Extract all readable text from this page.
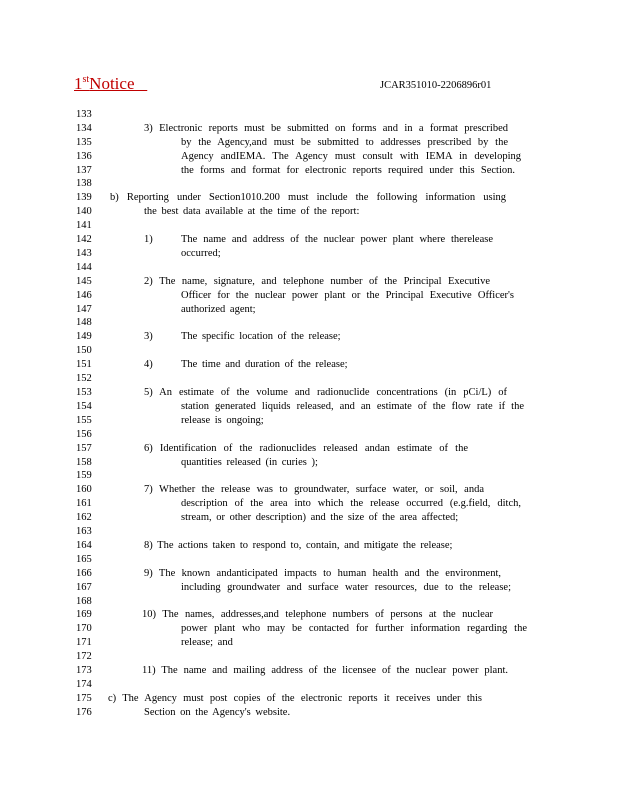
1stNotice	JCAR351010-2206896r01
133
134	3) Electronic reports must be submitted on forms and in a format prescribed
135	by the Agency,and must be submitted to addresses prescribed by the
136	Agency andIEMA. The Agency must consult with IEMA in developing
137	the forms and format for electronic reports required under this Section.
138
139 b) Reporting under Section1010.200 must include the following information using
140	the best data available at the time of the report:
141
142	1)	The name and address of the nuclear power plant where therelease
143	occurred;
144
145	2) The name, signature, and telephone number of the Principal Executive
146	Officer for the nuclear power plant or the Principal Executive Officer's
147	authorized agent;
148
149	3)	The specific location of the release;
150
151	4)	The time and duration of the release;
152
153	5) An estimate of the volume and radionuclide concentrations (in pCi/L) of
154	station generated liquids released, and an estimate of the flow rate if the
155	release is ongoing;
156
157	6) Identification of the radionuclides released andan estimate of the
158	quantities released (in curies );
159
160	7) Whether the release was to groundwater, surface water, or soil, anda
161	description of the area into which the release occurred (e.g.field, ditch,
162	stream, or other description) and the size of the area affected;
163
164	8) The actions taken to respond to, contain, and mitigate the release;
165
166	9) The known andanticipated impacts to human health and the environment,
167	including groundwater and surface water resources, due to the release;
168
169	10) The names, addresses,and telephone numbers of persons at the nuclear
170	power plant who may be contacted for further information regarding the
171	release; and
172
173	11) The name and mailing address of the licensee of the nuclear power plant.
174
175 c) The Agency must post copies of the electronic reports it receives under this
176	Section on the Agency's website.
